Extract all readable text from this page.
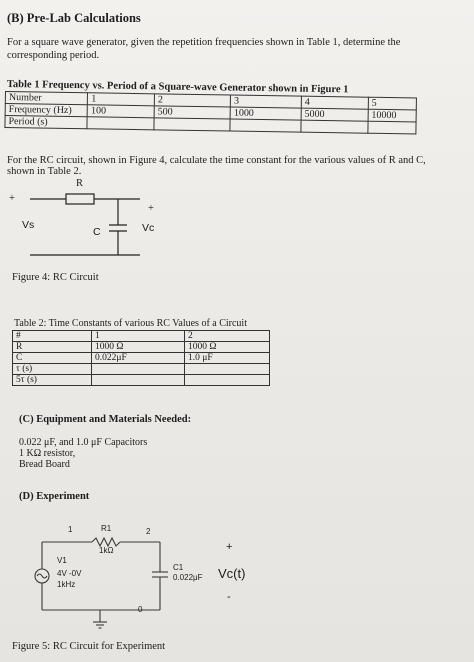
(B) Pre-Lab Calculations
For a square wave generator, given the repetition frequencies shown in Table 1, determine the
corresponding period.
Table 1 Frequency vs. Period of a Square-wave Generator shown in Figure 1
Number	1	2	3	4	5
Frequency (Hz)	100	500	1000	5000	10000
Period (s)					
For the RC circuit, shown in Figure 4, calculate the time constant for the various values of R and C,
shown in Table 2.
R
+
+
Vs
C	Vc
Figure 4: RC Circuit
Table 2: Time Constants of various RC Values of a Circuit
#	1	2
R	1000 Ω	1000 Ω
C	0.022μF	1.0 μF
τ (s)		
5τ (s)		
(C) Equipment and Materials Needed:
0.022 μF, and 1.0 μF Capacitors
1 KΩ resistor,
Bread Board
(D) Experiment
1	2
R1
1kΩ
V1
4V -0V
1kHz
C1
0.022μF
0
+
Vc(t)
-
Figure 5: RC Circuit for Experiment
